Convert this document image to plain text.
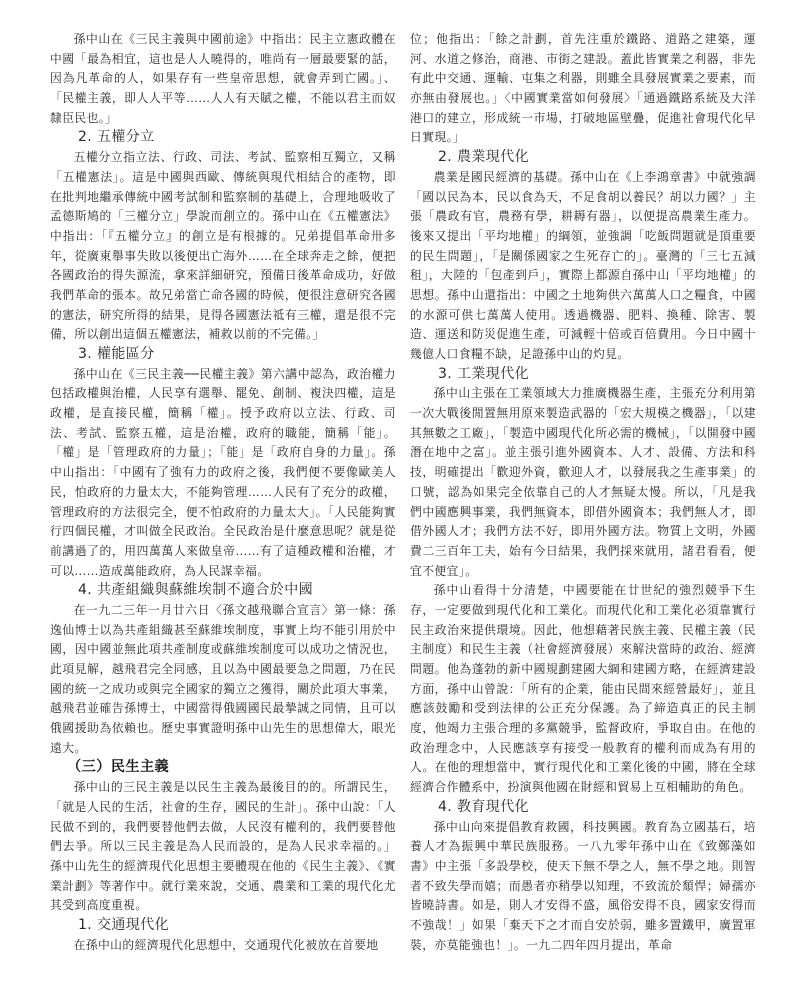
孫中山在《三民主義與中國前途》中指出：民主立憲政體在中國「最為相宜，這也是人人曉得的，唯尚有一層最要緊的話，因為凡革命的人，如果存有一些皇帝思想，就會弄到亡國。」、「民權主義，即人人平等……人人有天賦之權，不能以君主而奴隸臣民也。」

2. 五權分立

五權分立指立法、行政、司法、考試、監察相互獨立，又稱「五權憲法」。這是中國與西歐、傳統與現代相結合的產物，即在批判地繼承傳統中國考試制和監察制的基礎上，合理地吸收了孟德斯鳩的「三權分立」學說而創立的。孫中山在《五權憲法》中指出：「『五權分立』的創立是有根據的。兄弟提倡革命卅多年，從廣東舉事失敗以後便出亡海外……在全球奔走之餘，便把各國政治的得失源流，拿來詳細研究，預備日後革命成功，好做我們革命的張本。故兄弟當亡命各國的時候，便很注意研究各國的憲法，研究所得的結果，見得各國憲法祗有三權，還是很不完備，所以創出這個五權憲法，補救以前的不完備。」

3. 權能區分

孫中山在《三民主義──民權主義》第六講中認為，政治權力包括政權與治權，人民享有選舉、罷免、創制、複決四權，這是政權，是直接民權，簡稱「權」。授予政府以立法、行政、司法、考試、監察五權，這是治權，政府的職能，簡稱「能」。「權」是「管理政府的力量」；「能」是「政府自身的力量」。孫中山指出：「中國有了強有力的政府之後，我們便不要像歐美人民，怕政府的力量太大，不能夠管理……人民有了充分的政權，管理政府的方法很完全，便不怕政府的力量太大」。「人民能夠實行四個民權，才叫做全民政治。全民政治是什麼意思呢？就是從前講過了的，用四萬萬人來做皇帝……有了這種政權和治權，才可以……造成萬能政府，為人民謀幸福。

4. 共產組織與蘇維埃制不適合於中國

在一九二三年一月廿六日〈孫文越飛聯合宣言〉第一條：孫逸仙博士以為共產組織甚至蘇維埃制度，事實上均不能引用於中國，因中國並無此項共產制度或蘇維埃制度可以成功之情況也，此項見解，越飛君完全同感，且以為中國最要急之問題，乃在民國的統一之成功或與完全國家的獨立之獲得，關於此項大事業，越飛君並確告孫博士，中國當得俄國國民最摯誠之同情，且可以俄國援助為依賴也。歷史事實證明孫中山先生的思想偉大，眼光遠大。

（三）民生主義

孫中山的三民主義是以民生主義為最後目的的。所謂民生，「就是人民的生活，社會的生存，國民的生計」。孫中山說：「人民做不到的，我們要替他們去做，人民沒有權利的，我們要替他們去爭。所以三民主義是為人民而設的，是為人民求幸福的。」孫中山先生的經濟現代化思想主要體現在他的《民生主義》、《實業計劃》等著作中。就行業來說，交通、農業和工業的現代化尤其受到高度重視。

1. 交通現代化

在孫中山的經濟現代化思想中，交通現代化被放在首要地

位；他指出：「餘之計劃，首先注重於鐵路、道路之建築，運河、水道之修治，商港、市街之建設。蓋此皆實業之利器，非先有此中交通、運輸、屯集之利器，則雖全具發展實業之要素，而亦無由發展也。」〈中國實業當如何發展〉「通過鐵路系統及大洋港口的建立，形成統一市場，打破地區壁疊，促進社會現代化早日實現。」

2. 農業現代化

農業是國民經濟的基礎。孫中山在《上李鴻章書》中就強調「國以民為本，民以食為天，不足食胡以養民？胡以力國？」主張「農政有官，農務有學，耕耨有器」，以便提高農業生產力。後來又提出「平均地權」的綱領，並強調「吃飯問題就是頂重要的民生問題」，「是關係國家之生死存亡的」。臺灣的「三七五減租」，大陸的「包產到戶」，實際上都源自孫中山「平均地權」的思想。孫中山還指出：中國之土地夠供六萬萬人口之糧食，中國的水源可供七萬萬人使用。透過機器、肥料、換種、除害、製造、運送和防災促進生產，可減輕十倍或百倍費用。今日中國十幾億人口食糧不缺，足證孫中山的灼見。

3. 工業現代化

孫中山主張在工業領域大力推廣機器生產，主張充分利用第一次大戰後閒置無用原來製造武器的「宏大規模之機器」，「以建其無數之工廠」，「製造中國現代化所必需的機械」，「以開發中國潛在地中之富」。並主張引進外國資本、人才、設備、方法和科技，明確提出「歡迎外資，歡迎人才，以發展我之生產事業」的口號，認為如果完全依靠自己的人才無疑太慢。所以，「凡是我們中國應興事業，我們無資本，即借外國資本；我們無人才，即借外國人才；我們方法不好，即用外國方法。物質上文明，外國費二三百年工夫，始有今日結果，我們採來就用，諸君看看，便宜不便宜」。

孫中山看得十分清楚，中國要能在廿世紀的強烈競爭下生存，一定要做到現代化和工業化。而現代化和工業化必須靠實行民主政治來提供環境。因此，他想藉著民族主義、民權主義（民主制度）和民生主義（社會經濟發展）來解決當時的政治、經濟問題。他為蓬勃的新中國規劃建國大綱和建國方略，在經濟建設方面，孫中山曾說：「所有的企業，能由民間來經營最好」，並且應該鼓勵和受到法律的公正充分保護。為了締造真正的民主制度，他竭力主張合理的多黨競爭，監督政府，爭取自由。在他的政治理念中，人民應該享有接受一般教育的權利而成為有用的人。在他的理想當中，實行現代化和工業化後的中國，將在全球經濟合作體系中，扮演與他國在財經和貿易上互相輔助的角色。

4. 教育現代化

孫中山向來提倡教育救國，科技興國。教育為立國基石，培養人才為振興中華民族服務。一八九零年孫中山在《致鄭藻如書》中主張「多設學校，使天下無不學之人，無不學之地。則智者不致失學而嬉；而愚者亦稍學以知理，不致流於頹悍；婦孺亦皆曉詩書。如是，則人才安得不盛，風俗安得不良，國家安得而不強哉！」如果「棄天下之才而自安於弱，雖多置鐵甲，廣置軍裝，亦莫能強也！」。一九二四年四月提出，革命
